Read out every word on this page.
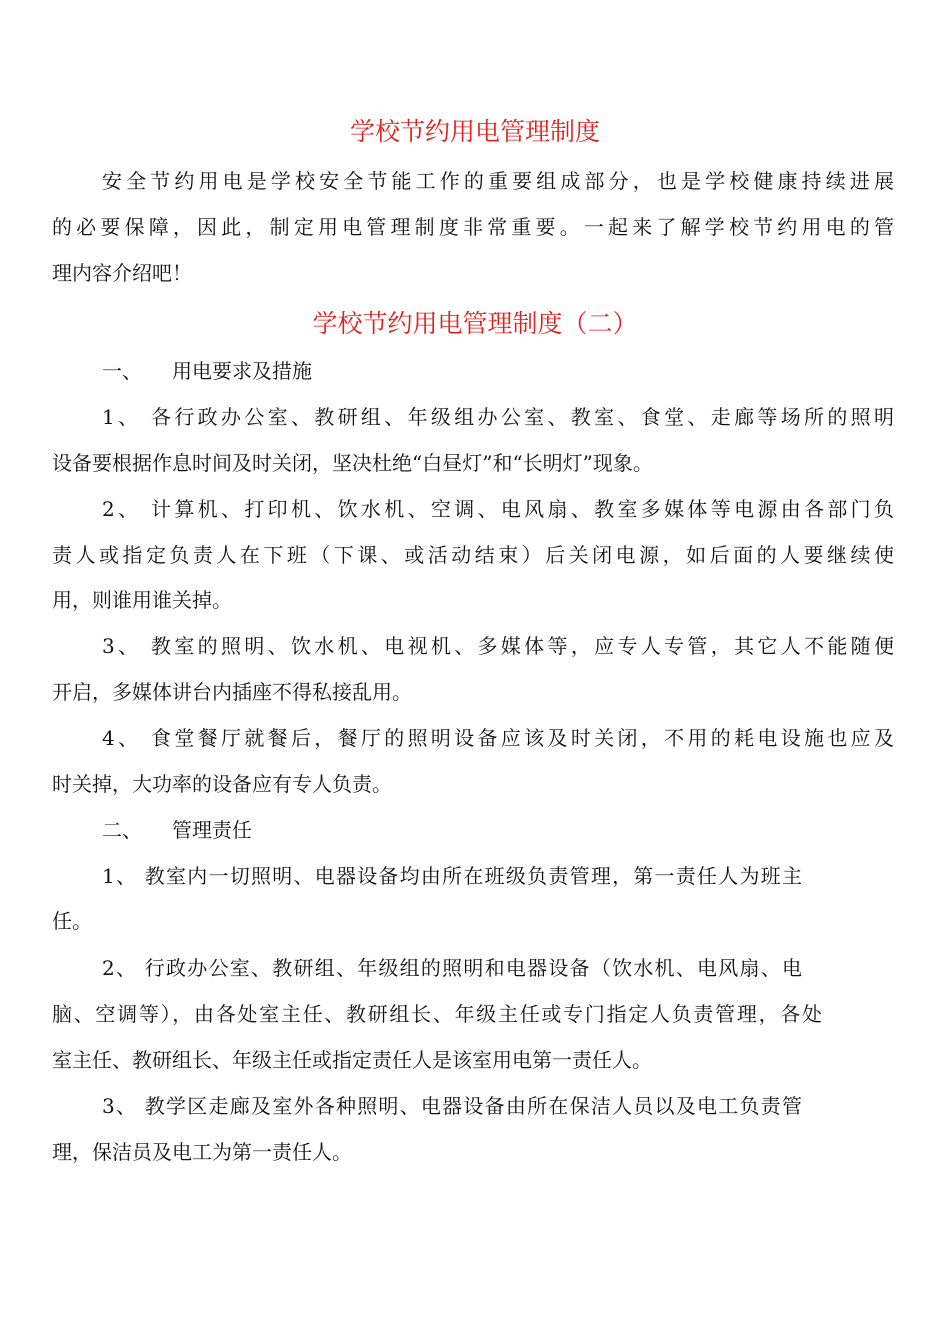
学校节约用电管理制度
安全节约用电是学校安全节能工作的重要组成部分，也是学校健康持续进展
的必要保障，因此，制定用电管理制度非常重要。一起来了解学校节约用电的管
理内容介绍吧！
学校节约用电管理制度（二）
一、 用电要求及措施
1、 各行政办公室、教研组、年级组办公室、教室、食堂、走廊等场所的照明
设备要根据作息时间及时关闭，坚决杜绝“白昼灯”和“长明灯”现象。
2、 计算机、打印机、饮水机、空调、电风扇、教室多媒体等电源由各部门负
责人或指定负责人在下班（下课、或活动结束）后关闭电源，如后面的人要继续使
用，则谁用谁关掉。
3、 教室的照明、饮水机、电视机、多媒体等，应专人专管，其它人不能随便
开启，多媒体讲台内插座不得私接乱用。
4、 食堂餐厅就餐后，餐厅的照明设备应该及时关闭，不用的耗电设施也应及
时关掉，大功率的设备应有专人负责。
二、 管理责任
1、 教室内一切照明、电器设备均由所在班级负责管理，第一责任人为班主
任。
2、 行政办公室、教研组、年级组的照明和电器设备（饮水机、电风扇、电
脑、空调等），由各处室主任、教研组长、年级主任或专门指定人负责管理，各处
室主任、教研组长、年级主任或指定责任人是该室用电第一责任人。
3、 教学区走廊及室外各种照明、电器设备由所在保洁人员以及电工负责管
理，保洁员及电工为第一责任人。
